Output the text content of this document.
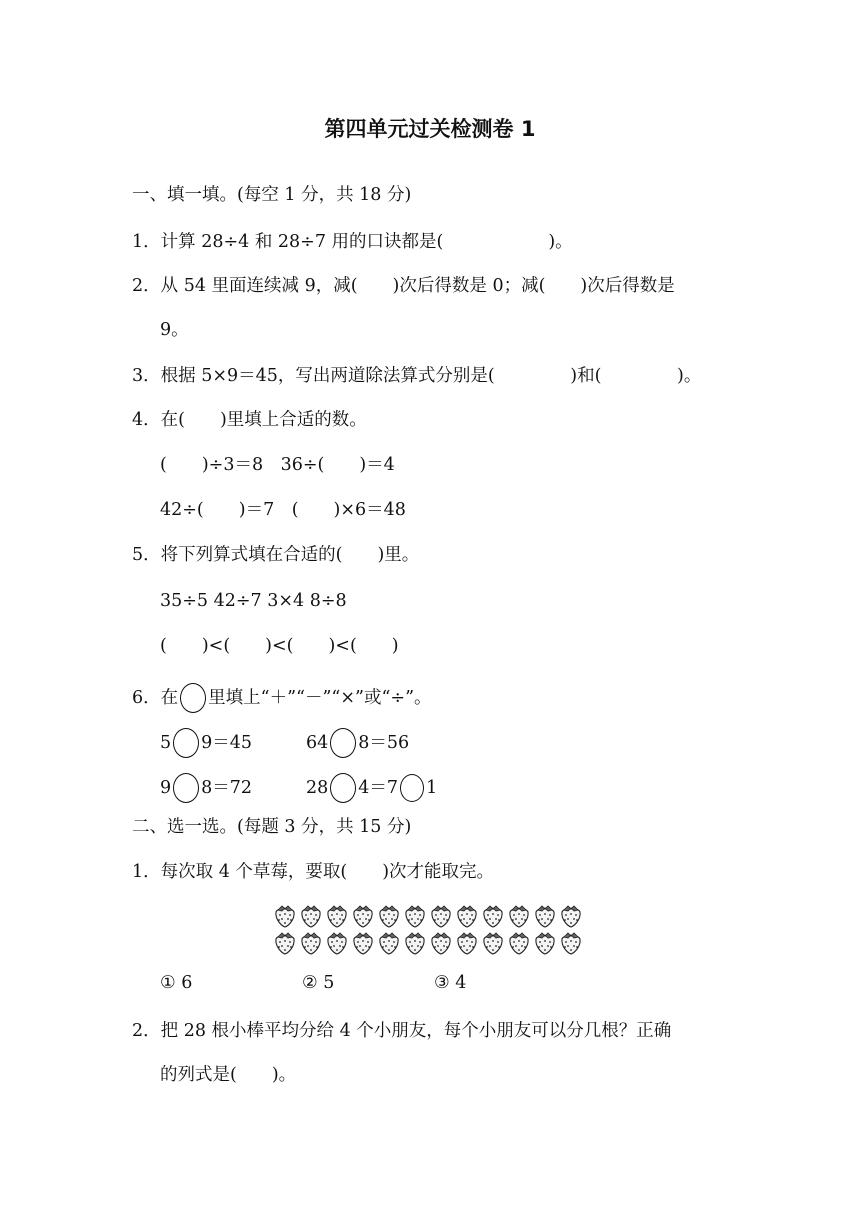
第四单元过关检测卷 1
一、填一填。(每空 1 分，共 18 分)
1．计算 28÷4 和 28÷7 用的口诀都是(　　　　　　)。
2．从 54 里面连续减 9，减(　　)次后得数是 0；减(　　)次后得数是
9。
3．根据 5×9＝45，写出两道除法算式分别是(　　　　 )和(　　　　 )。
4．在(　　)里填上合适的数。
(　　)÷3＝8　36÷(　　)＝4
42÷(　　)＝7　(　　)×6＝48
5．将下列算式填在合适的(　　)里。
35÷5 42÷7 3×4 8÷8
(　　)<(　　)<(　　)<(　　)
6．在 里填上“＋”“－”“×”或“÷”。
5 9＝45	64 8＝56
9 8＝72	28 4＝7 1
二、选一选。(每题 3 分，共 15 分)
1．每次取 4 个草莓，要取(　　)次才能取完。
① 6	② 5	③ 4
2．把 28 根小棒平均分给 4 个小朋友，每个小朋友可以分几根？正确
的列式是(　　)。
